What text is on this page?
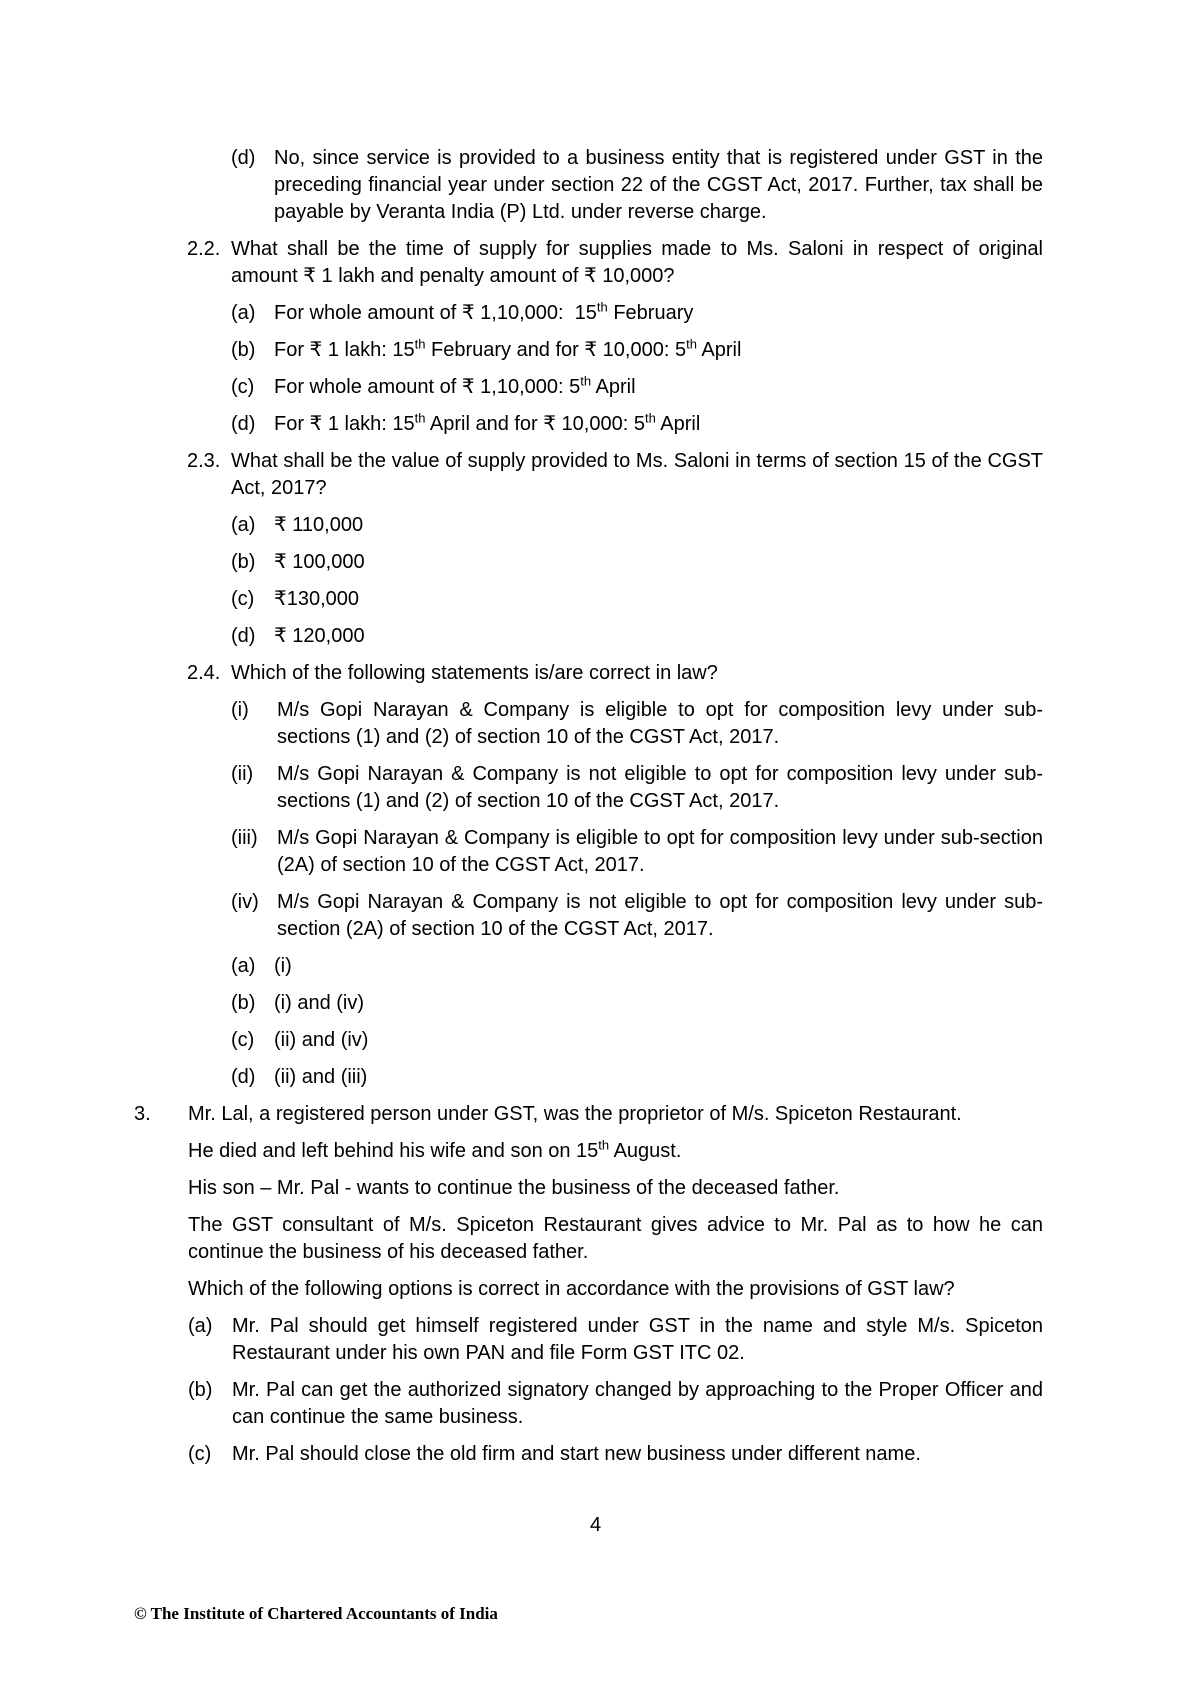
(d) No, since service is provided to a business entity that is registered under GST in the preceding financial year under section 22 of the CGST Act, 2017. Further, tax shall be payable by Veranta India (P) Ltd. under reverse charge.
2.2. What shall be the time of supply for supplies made to Ms. Saloni in respect of original amount ₹ 1 lakh and penalty amount of ₹ 10,000?
(a) For whole amount of ₹ 1,10,000:  15th February
(b) For ₹ 1 lakh: 15th February and for ₹ 10,000: 5th April
(c) For whole amount of ₹ 1,10,000: 5th April
(d) For ₹ 1 lakh: 15th April and for ₹ 10,000: 5th April
2.3. What shall be the value of supply provided to Ms. Saloni in terms of section 15 of the CGST Act, 2017?
(a) ₹ 110,000
(b) ₹ 100,000
(c) ₹130,000
(d) ₹ 120,000
2.4. Which of the following statements is/are correct in law?
(i)	M/s Gopi Narayan & Company is eligible to opt for composition levy under sub-sections (1) and (2) of section 10 of the CGST Act, 2017.
(ii)	M/s Gopi Narayan & Company is not eligible to opt for composition levy under sub-sections (1) and (2) of section 10 of the CGST Act, 2017.
(iii) M/s Gopi Narayan & Company is eligible to opt for composition levy under sub-section (2A) of section 10 of the CGST Act, 2017.
(iv) M/s Gopi Narayan & Company is not eligible to opt for composition levy under sub-section (2A) of section 10 of the CGST Act, 2017.
(a) (i)
(b) (i) and (iv)
(c) (ii) and (iv)
(d) (ii) and (iii)
3.	Mr. Lal, a registered person under GST, was the proprietor of M/s. Spiceton Restaurant.
He died and left behind his wife and son on 15th August.
His son – Mr. Pal - wants to continue the business of the deceased father.
The GST consultant of M/s. Spiceton Restaurant gives advice to Mr. Pal as to how he can continue the business of his deceased father.
Which of the following options is correct in accordance with the provisions of GST law?
(a) Mr. Pal should get himself registered under GST in the name and style M/s. Spiceton Restaurant under his own PAN and file Form GST ITC 02.
(b) Mr. Pal can get the authorized signatory changed by approaching to the Proper Officer and can continue the same business.
(c)	Mr. Pal should close the old firm and start new business under different name.
4
© The Institute of Chartered Accountants of India
